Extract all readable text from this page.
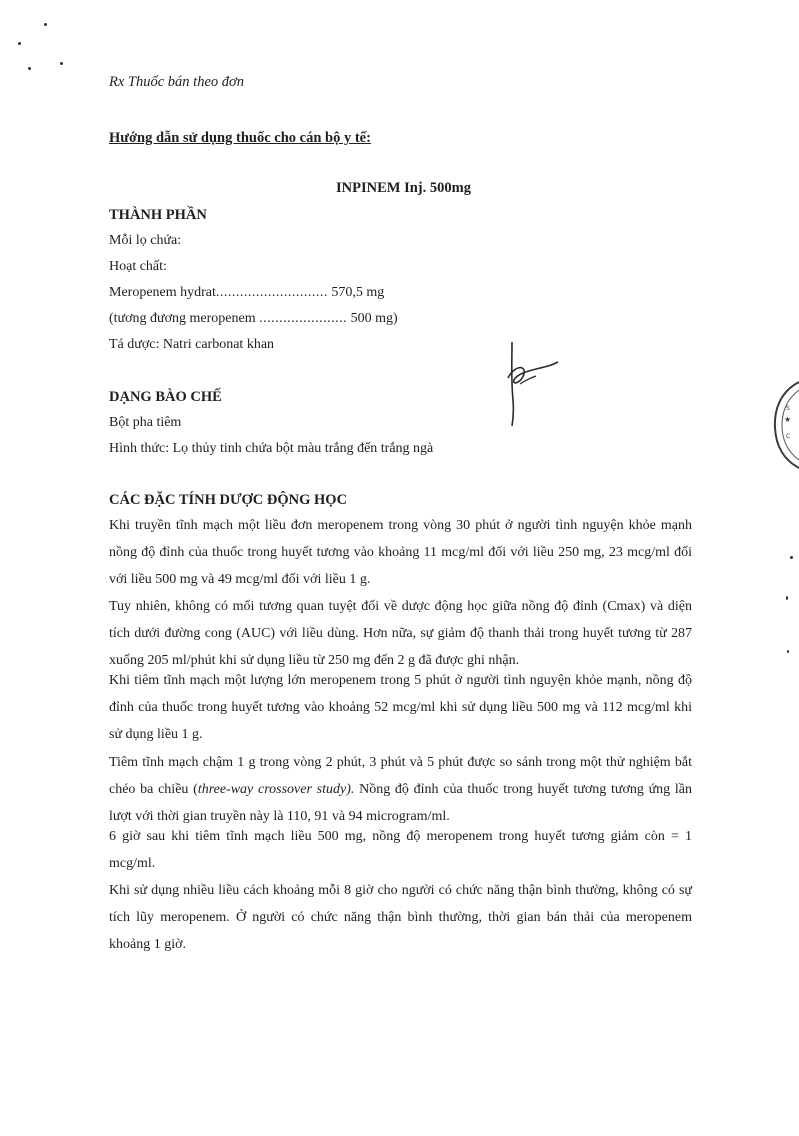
Rx Thuốc bán theo đơn
Hướng dẫn sử dụng thuốc cho cán bộ y tế:
INPINEM Inj. 500mg
THÀNH PHẦN
Mỗi lọ chứa:
Hoạt chất:
Meropenem hydrat............................ 570,5 mg
(tương đương meropenem ...................... 500 mg)
Tá dược: Natri carbonat khan
DẠNG BÀO CHẾ
Bột pha tiêm
Hình thức: Lọ thủy tinh chứa bột màu trắng đến trắng ngà
CÁC ĐẶC TÍNH DƯỢC ĐỘNG HỌC
Khi truyền tĩnh mạch một liều đơn meropenem trong vòng 30 phút ở người tình nguyện khỏe mạnh nồng độ đỉnh của thuốc trong huyết tương vào khoảng 11 mcg/ml đối với liều 250 mg, 23 mcg/ml đối với liều 500 mg và 49 mcg/ml đối với liều 1 g.
Tuy nhiên, không có mối tương quan tuyệt đối về dược động học giữa nồng độ đỉnh (Cmax) và diện tích dưới đường cong (AUC) với liều dùng. Hơn nữa, sự giảm độ thanh thải trong huyết tương từ 287 xuống 205 ml/phút khi sử dụng liều từ 250 mg đến 2 g đã được ghi nhận.
Khi tiêm tĩnh mạch một lượng lớn meropenem trong 5 phút ở người tình nguyện khỏe mạnh, nồng độ đỉnh của thuốc trong huyết tương vào khoảng 52 mcg/ml khi sử dụng liều 500 mg và 112 mcg/ml khi sử dụng liều 1 g.
Tiêm tĩnh mạch chậm 1 g trong vòng 2 phút, 3 phút và 5 phút được so sánh trong một thử nghiệm bắt chéo ba chiều (three-way crossover study). Nồng độ đỉnh của thuốc trong huyết tương tương ứng lần lượt với thời gian truyền này là 110, 91 và 94 microgram/ml.
6 giờ sau khi tiêm tĩnh mạch liều 500 mg, nồng độ meropenem trong huyết tương giảm còn = 1 mcg/ml.
Khi sử dụng nhiều liều cách khoảng mỗi 8 giờ cho người có chức năng thận bình thường, không có sự tích lũy meropenem. Ở người có chức năng thận bình thường, thời gian bán thải của meropenem khoảng 1 giờ.
★
S
C
